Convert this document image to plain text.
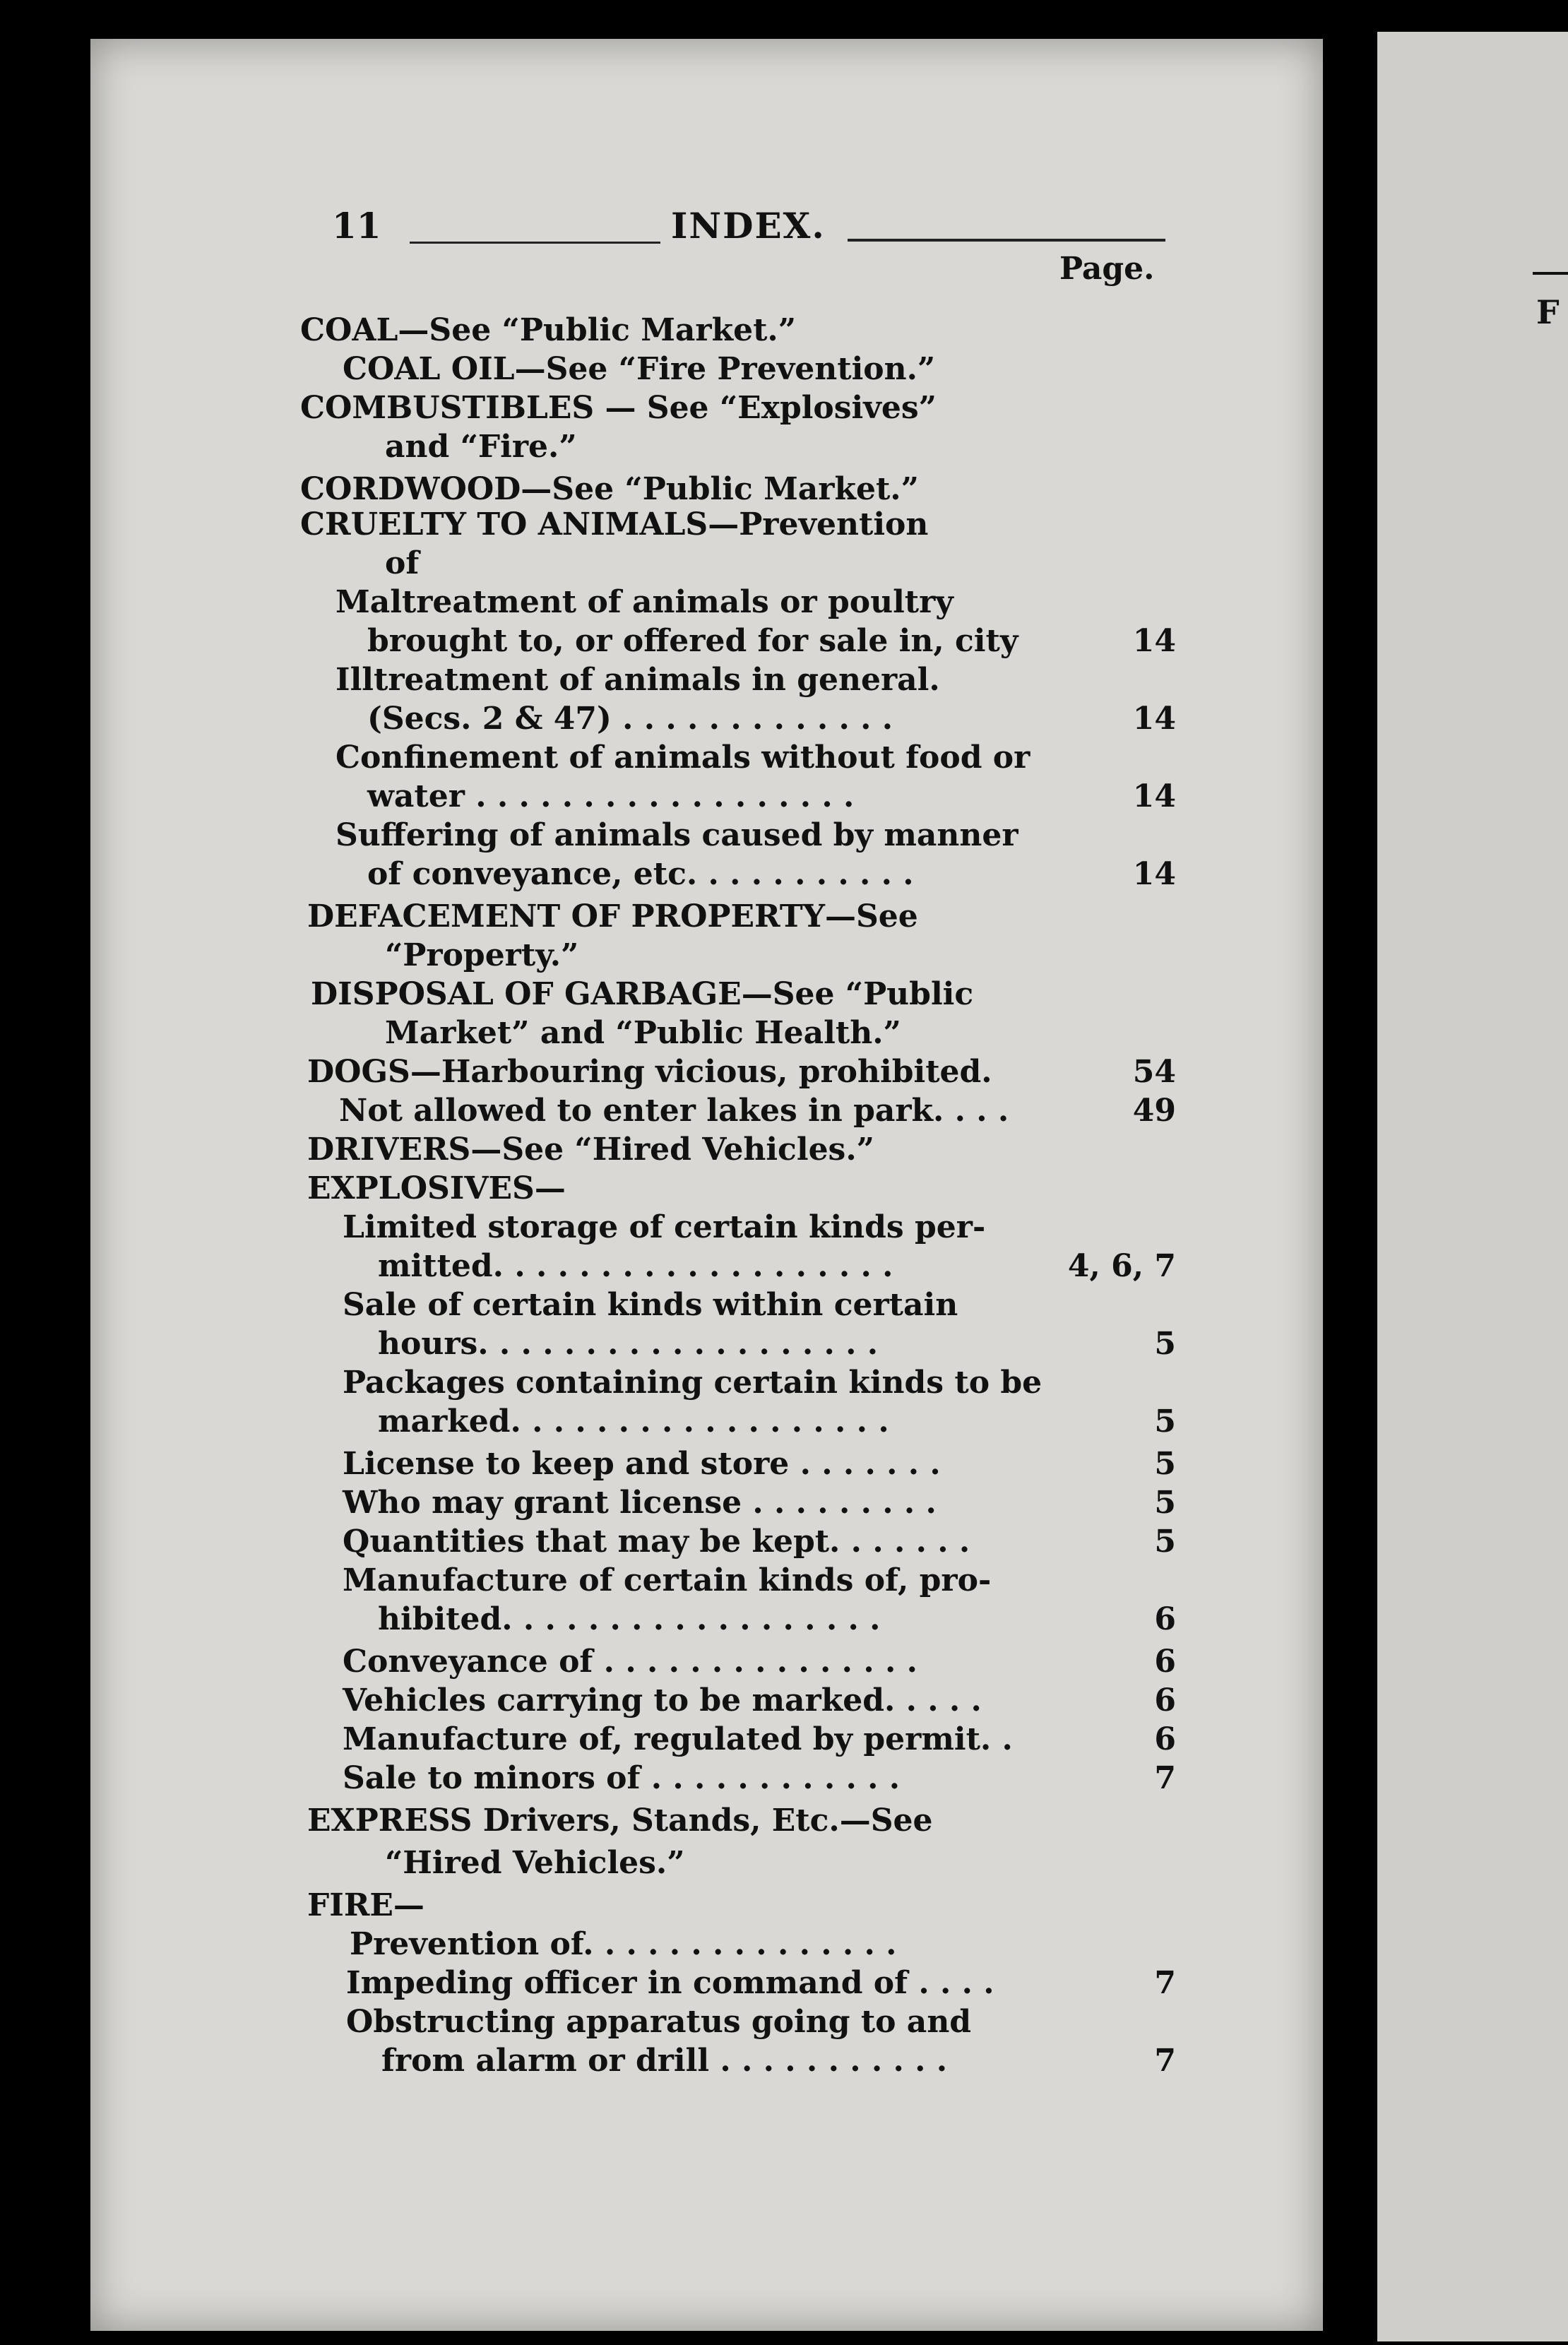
F
11	INDEX.
Page.
COAL—See “Public Market.”
COAL OIL—See “Fire Prevention.”
COMBUSTIBLES — See “Explosives”
and “Fire.”
CORDWOOD—See “Public Market.”
CRUELTY TO ANIMALS—Prevention
of
Maltreatment of animals or poultry
brought to, or offered for sale in, city	14
Illtreatment of animals in general.
(Secs. 2 & 47) . . . . . . . . . . . . .	14
Confinement of animals without food or
water . . . . . . . . . . . . . . . . . .	14
Suffering of animals caused by manner
of conveyance, etc. . . . . . . . . . .	14
DEFACEMENT OF PROPERTY—See
“Property.”
DISPOSAL OF GARBAGE—See “Public
Market” and “Public Health.”
DOGS—Harbouring vicious, prohibited.	54
Not allowed to enter lakes in park. . . .	49
DRIVERS—See “Hired Vehicles.”
EXPLOSIVES—
Limited storage of certain kinds per-
mitted. . . . . . . . . . . . . . . . . . .	4, 6, 7
Sale of certain kinds within certain
hours. . . . . . . . . . . . . . . . . . .	5
Packages containing certain kinds to be
marked. . . . . . . . . . . . . . . . . .	5
License to keep and store . . . . . . .	5
Who may grant license . . . . . . . . .	5
Quantities that may be kept. . . . . . .	5
Manufacture of certain kinds of, pro-
hibited. . . . . . . . . . . . . . . . . .	6
Conveyance of . . . . . . . . . . . . . . .	6
Vehicles carrying to be marked. . . . .	6
Manufacture of, regulated by permit. .	6
Sale to minors of . . . . . . . . . . . .	7
EXPRESS Drivers, Stands, Etc.—See
“Hired Vehicles.”
FIRE—
Prevention of. . . . . . . . . . . . . . .
Impeding officer in command of . . . .	7
Obstructing apparatus going to and
from alarm or drill . . . . . . . . . . .	7
